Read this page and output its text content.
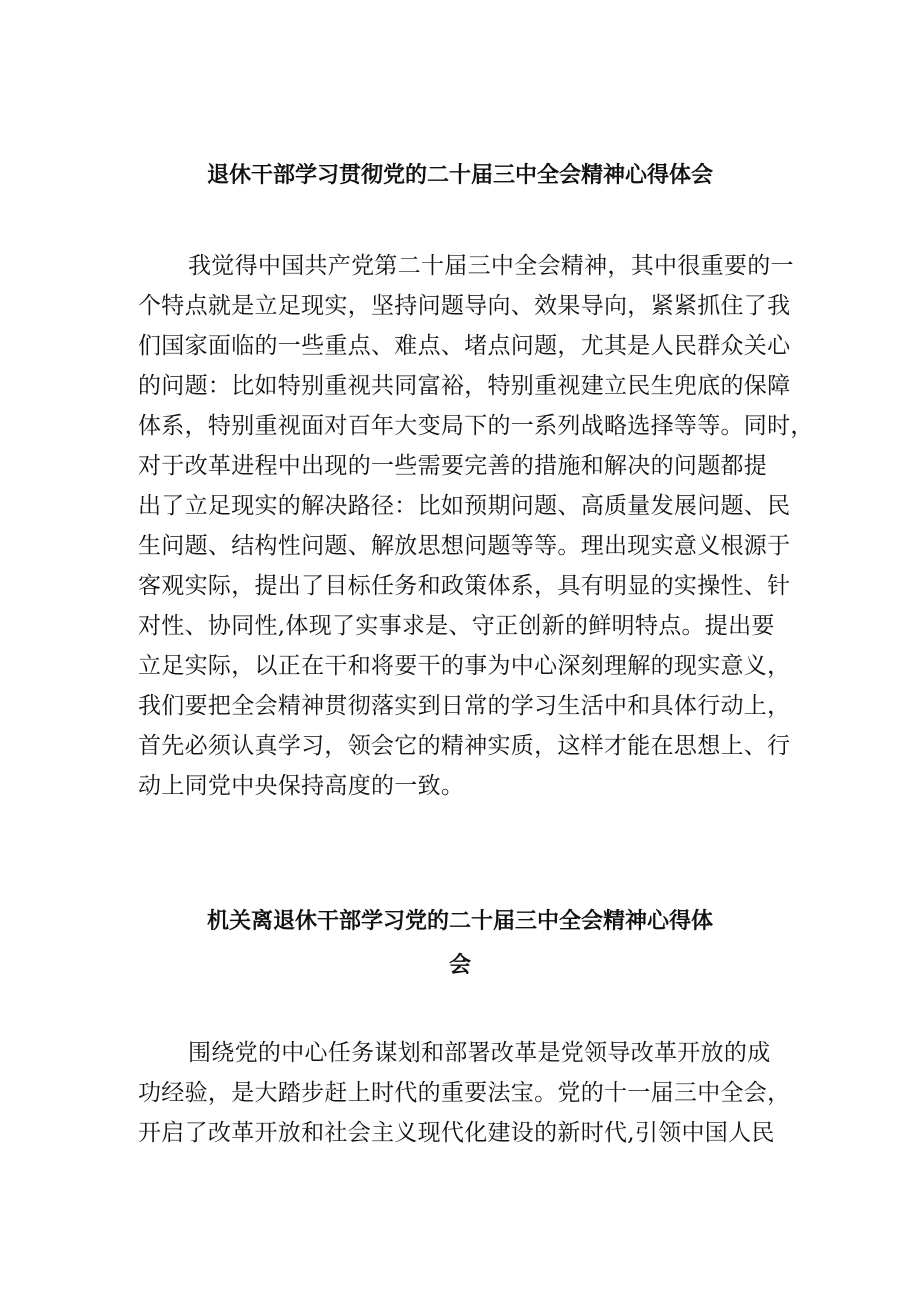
退休干部学习贯彻党的二十届三中全会精神心得体会
我觉得中国共产党第二十届三中全会精神，其中很重要的一
个特点就是立足现实，坚持问题导向、效果导向，紧紧抓住了我
们国家面临的一些重点、难点、堵点问题，尤其是人民群众关心
的问题：比如特别重视共同富裕，特别重视建立民生兜底的保障
体系，特别重视面对百年大变局下的一系列战略选择等等。同时，
对于改革进程中出现的一些需要完善的措施和解决的问题都提
出了立足现实的解决路径：比如预期问题、高质量发展问题、民
生问题、结构性问题、解放思想问题等等。理出现实意义根源于
客观实际，提出了目标任务和政策体系，具有明显的实操性、针
对性、协同性,体现了实事求是、守正创新的鲜明特点。提出要
立足实际，以正在干和将要干的事为中心深刻理解的现实意义，
我们要把全会精神贯彻落实到日常的学习生活中和具体行动上，
首先必须认真学习，领会它的精神实质，这样才能在思想上、行
动上同党中央保持高度的一致。
机关离退休干部学习党的二十届三中全会精神心得体
会
围绕党的中心任务谋划和部署改革是党领导改革开放的成
功经验，是大踏步赶上时代的重要法宝。党的十一届三中全会，
开启了改革开放和社会主义现代化建设的新时代,引领中国人民
